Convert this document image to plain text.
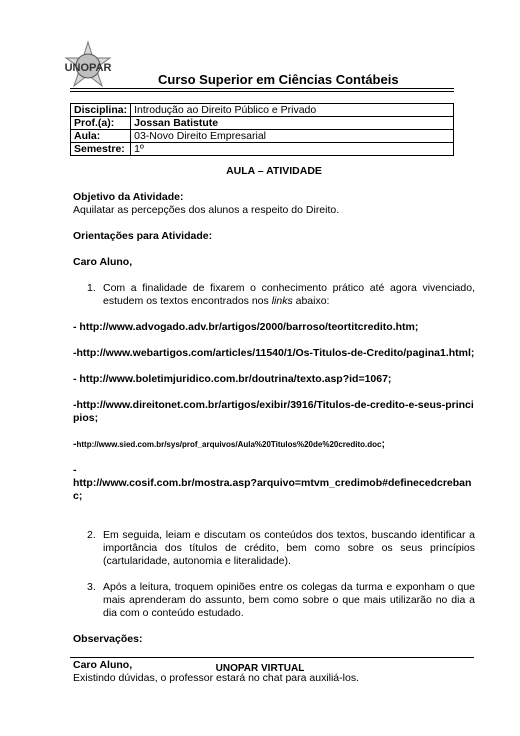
UNOPAR
Curso Superior em Ciências Contábeis
Disciplina:	Introdução ao Direito Público e Privado
Prof.(a):	Jossan Batistute
Aula:	03-Novo Direito Empresarial
Semestre:	1º

AULA – ATIVIDADE

Objetivo da Atividade:

Aquilatar as percepções dos alunos a respeito do Direito.

Orientações para Atividade:

Caro Aluno,

1. Com a finalidade de fixarem o conhecimento prático até agora vivenciado, estudem os textos encontrados nos links abaixo:

- http://www.advogado.adv.br/artigos/2000/barroso/teortitcredito.htm;

-http://www.webartigos.com/articles/11540/1/Os-Titulos-de-Credito/pagina1.html;

- http://www.boletimjuridico.com.br/doutrina/texto.asp?id=1067;

-http://www.direitonet.com.br/artigos/exibir/3916/Titulos-de-credito-e-seus-principios;

-http://www.sied.com.br/sys/prof_arquivos/Aula%20Titulos%20de%20credito.doc;

-

http://www.cosif.com.br/mostra.asp?arquivo=mtvm_credimob#definecedcrebanc;

2. Em seguida, leiam e discutam os conteúdos dos textos, buscando identificar a importância dos títulos de crédito, bem como sobre os seus princípios (cartularidade, autonomia e literalidade).
3. Após a leitura, troquem opiniões entre os colegas da turma e exponham o que mais aprenderam do assunto, bem como sobre o que mais utilizarão no dia a dia com o conteúdo estudado.

Observações:

Caro Aluno,

Existindo dúvidas, o professor estará no chat para auxiliá-los.

UNOPAR VIRTUAL
